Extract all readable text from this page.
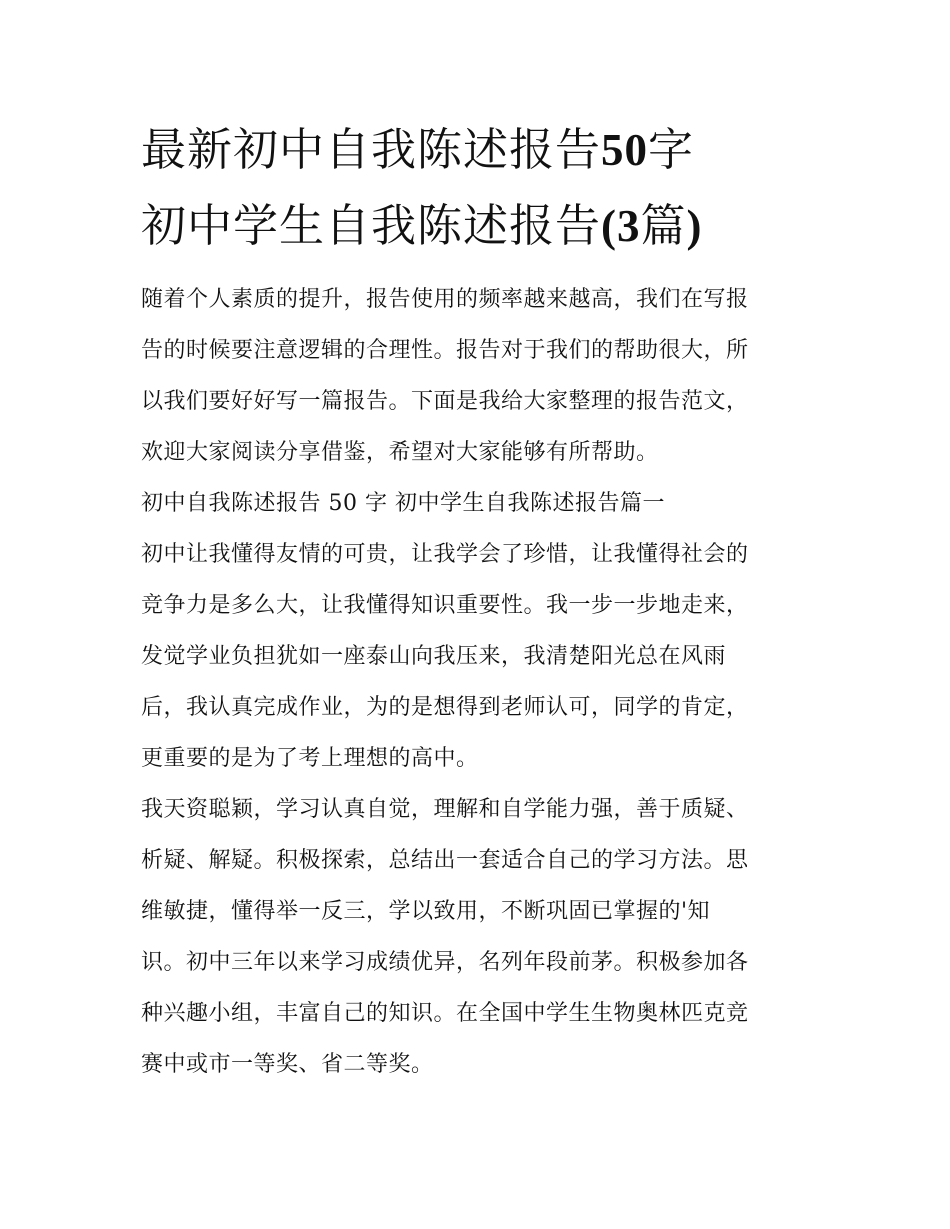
最新初中自我陈述报告50字
初中学生自我陈述报告(3篇)

随着个人素质的提升，报告使用的频率越来越高，我们在写报
告的时候要注意逻辑的合理性。报告对于我们的帮助很大，所
以我们要好好写一篇报告。下面是我给大家整理的报告范文，
欢迎大家阅读分享借鉴，希望对大家能够有所帮助。

初中自我陈述报告 50 字 初中学生自我陈述报告篇一

初中让我懂得友情的可贵，让我学会了珍惜，让我懂得社会的
竞争力是多么大，让我懂得知识重要性。我一步一步地走来，
发觉学业负担犹如一座泰山向我压来，我清楚阳光总在风雨
后，我认真完成作业，为的是想得到老师认可，同学的肯定，
更重要的是为了考上理想的高中。

我天资聪颖，学习认真自觉，理解和自学能力强，善于质疑、
析疑、解疑。积极探索，总结出一套适合自己的学习方法。思
维敏捷，懂得举一反三，学以致用，不断巩固已掌握的'知
识。初中三年以来学习成绩优异，名列年段前茅。积极参加各
种兴趣小组，丰富自己的知识。在全国中学生生物奥林匹克竞
赛中或市一等奖、省二等奖。
